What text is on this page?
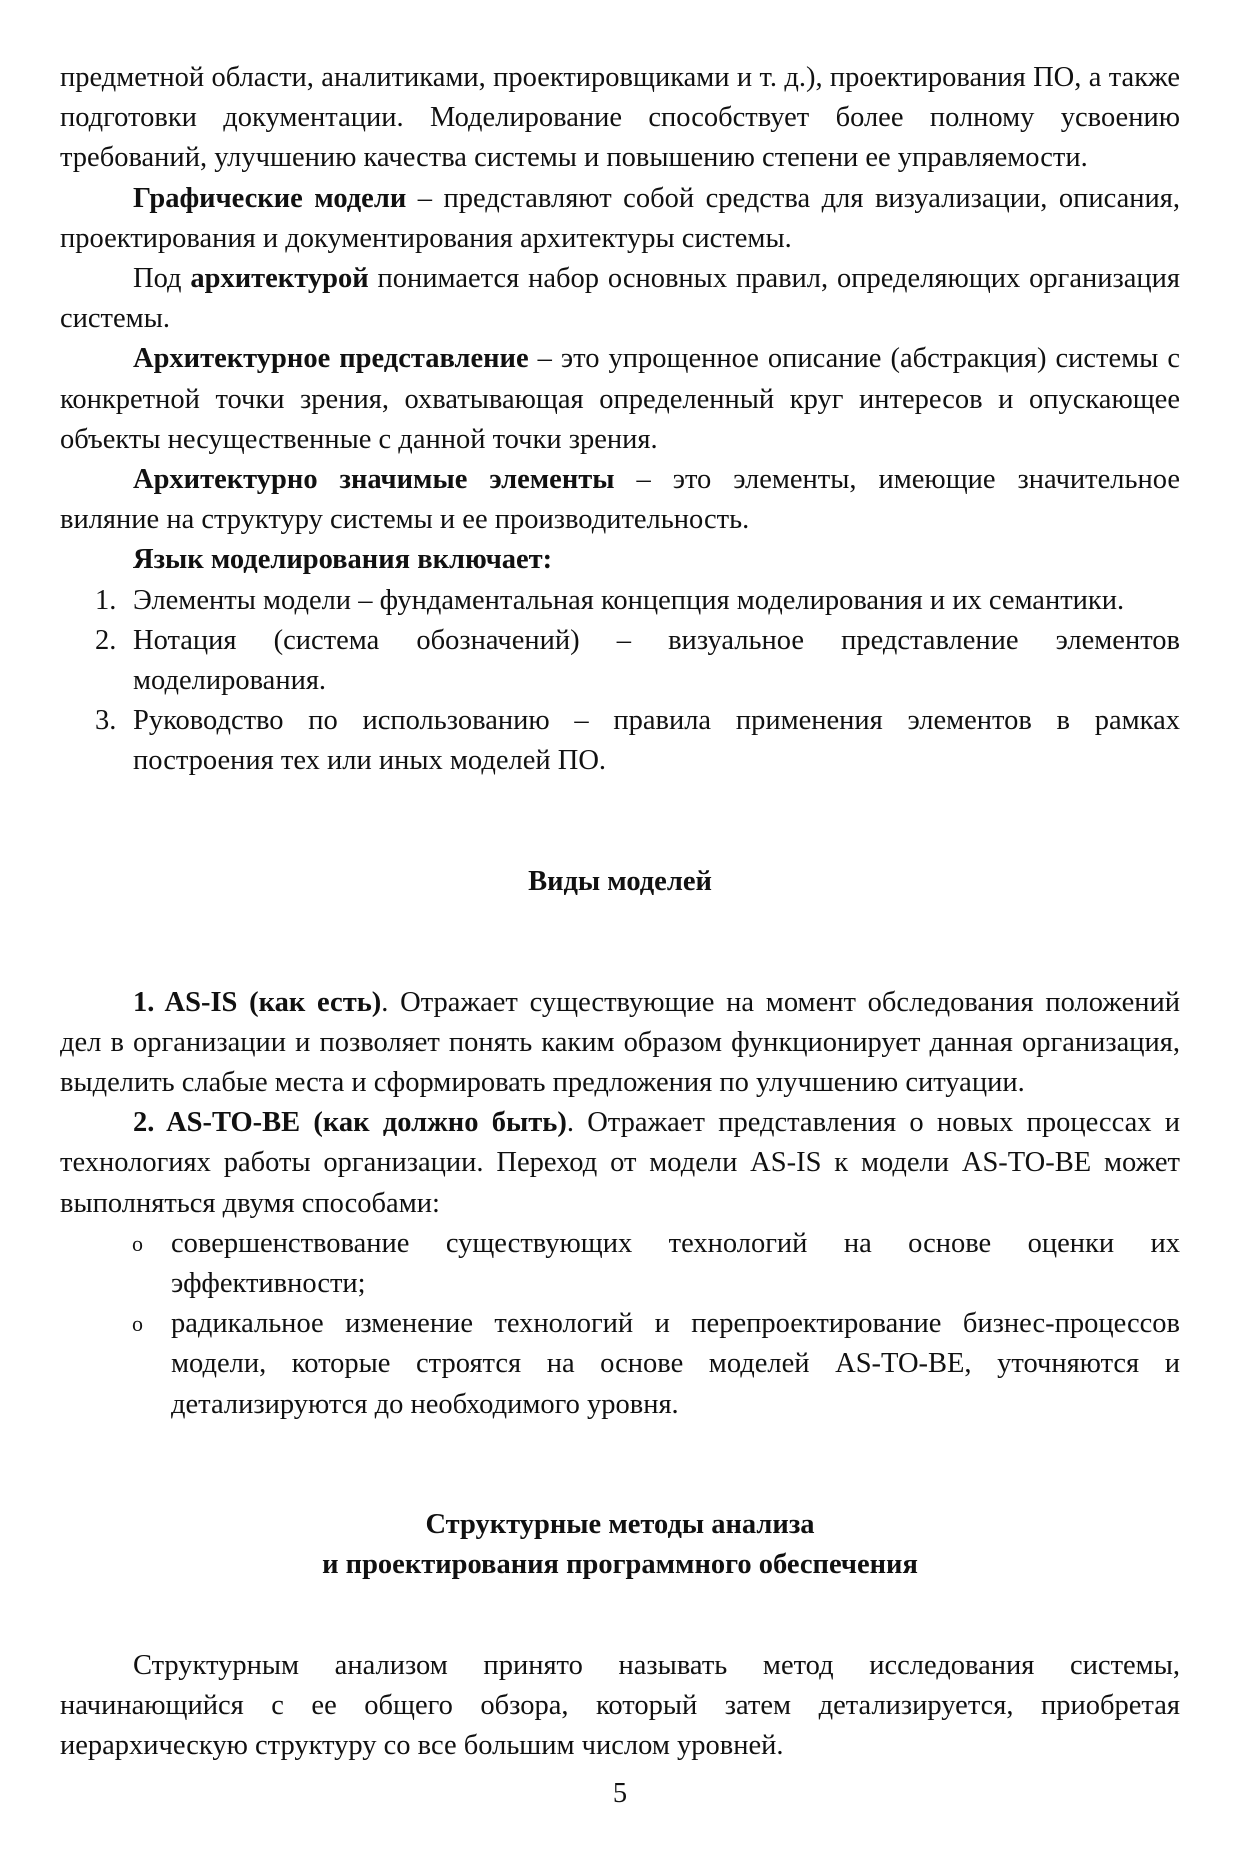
предметной области, аналитиками, проектировщиками и т. д.), проектирования ПО, а также подготовки документации. Моделирование способствует более полному усвоению требований, улучшению качества системы и повышению степени ее управляемости.

Графические модели – представляют собой средства для визуализации, описания, проектирования и документирования архитектуры системы.

Под архитектурой понимается набор основных правил, определяющих организация системы.

Архитектурное представление – это упрощенное описание (абстракция) системы с конкретной точки зрения, охватывающая определенный круг интересов и опускающее объекты несущественные с данной точки зрения.

Архитектурно значимые элементы – это элементы, имеющие значительное виляние на структуру системы и ее производительность.

Язык моделирования включает:

1. Элементы модели – фундаментальная концепция моделирования и их семантики.
2. Нотация (система обозначений) – визуальное представление элементов моделирования.
3. Руководство по использованию – правила применения элементов в рамках построения тех или иных моделей ПО.
Виды моделей

1. AS-IS (как есть). Отражает существующие на момент обследования положений дел в организации и позволяет понять каким образом функционирует данная организация, выделить слабые места и сформировать предложения по улучшению ситуации.

2. AS-TO-BE (как должно быть). Отражает представления о новых процессах и технологиях работы организации. Переход от модели AS-IS к модели AS-TO-BE может выполняться двумя способами:

o совершенствование существующих технологий на основе оценки их эффективности;
o радикальное изменение технологий и перепроектирование бизнес-процессов модели, которые строятся на основе моделей AS-TO-BE, уточняются и детализируются до необходимого уровня.
Структурные методы анализа
и проектирования программного обеспечения

Структурным анализом принято называть метод исследования системы, начинающийся с ее общего обзора, который затем детализируется, приобретая иерархическую структуру со все большим числом уровней.

5
